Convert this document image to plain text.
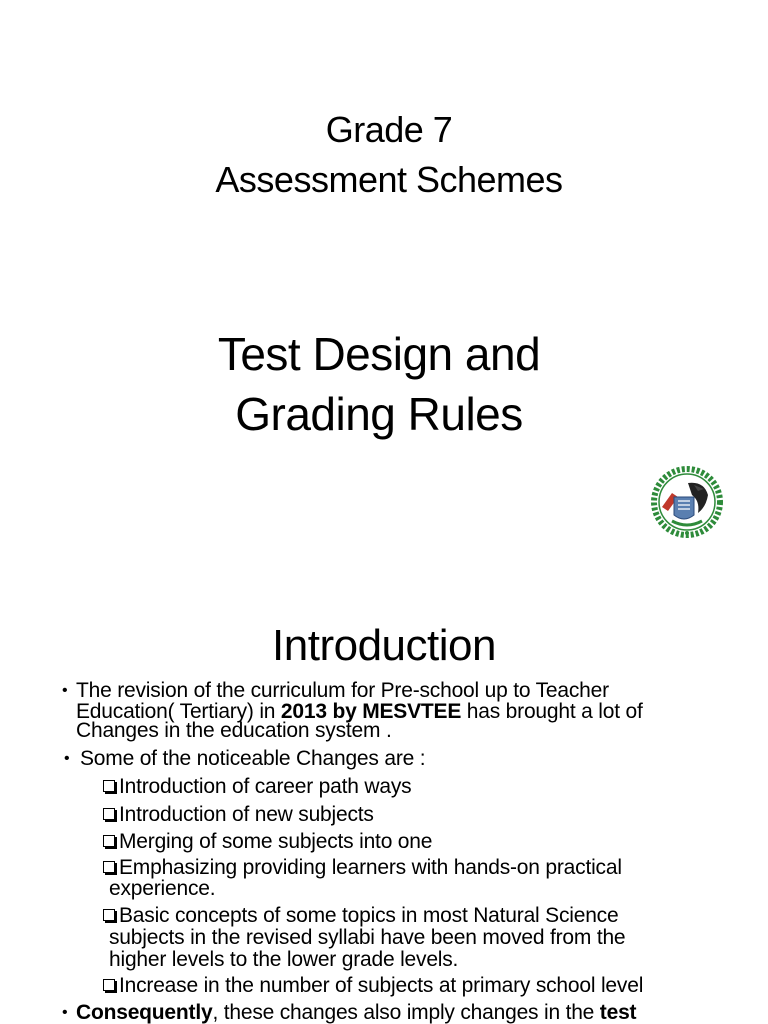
Grade 7
Assessment Schemes
Test Design and
Grading Rules
Introduction
• The revision of the curriculum for Pre-school up to Teacher
Education( Tertiary) in 2013 by MESVTEE has brought a lot of
Changes in the education system .
• Some of the noticeable Changes are :
Introduction of career path ways
Introduction of new subjects
Merging of some subjects into one
Emphasizing providing learners with hands-on practical
experience.
Basic concepts of some topics in most Natural Science
subjects in the revised syllabi have been moved from the
higher levels to the lower grade levels.
Increase in the number of subjects at primary school level
• Consequently, these changes also imply changes in the test
